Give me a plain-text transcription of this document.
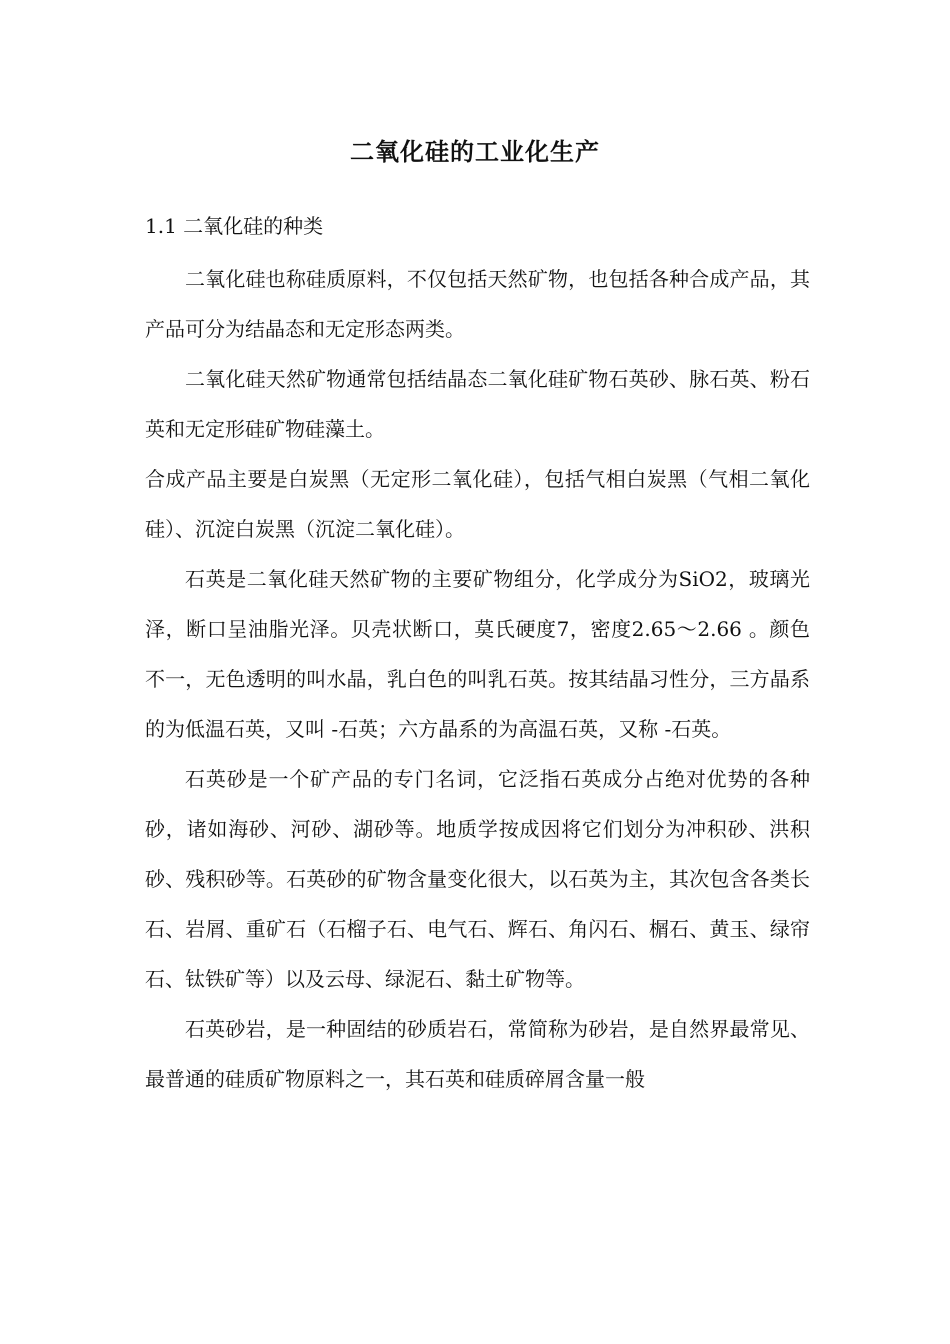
二氧化硅的工业化生产
1.1 二氧化硅的种类

二氧化硅也称硅质原料，不仅包括天然矿物，也包括各种合成产品，其产品可分为结晶态和无定形态两类。

二氧化硅天然矿物通常包括结晶态二氧化硅矿物石英砂、脉石英、粉石英和无定形硅矿物硅藻土。

合成产品主要是白炭黑（无定形二氧化硅），包括气相白炭黑（气相二氧化硅）、沉淀白炭黑（沉淀二氧化硅）。

石英是二氧化硅天然矿物的主要矿物组分，化学成分为SiO2，玻璃光泽，断口呈油脂光泽。贝壳状断口，莫氏硬度7，密度2.65～2.66 。颜色不一，无色透明的叫水晶，乳白色的叫乳石英。按其结晶习性分，三方晶系的为低温石英，又叫 -石英；六方晶系的为高温石英，又称 -石英。

石英砂是一个矿产品的专门名词，它泛指石英成分占绝对优势的各种砂，诸如海砂、河砂、湖砂等。地质学按成因将它们划分为冲积砂、洪积砂、残积砂等。石英砂的矿物含量变化很大，以石英为主，其次包含各类长石、岩屑、重矿石（石榴子石、电气石、辉石、角闪石、榍石、黄玉、绿帘石、钛铁矿等）以及云母、绿泥石、黏土矿物等。

石英砂岩，是一种固结的砂质岩石，常简称为砂岩，是自然界最常见、最普通的硅质矿物原料之一，其石英和硅质碎屑含量一般
